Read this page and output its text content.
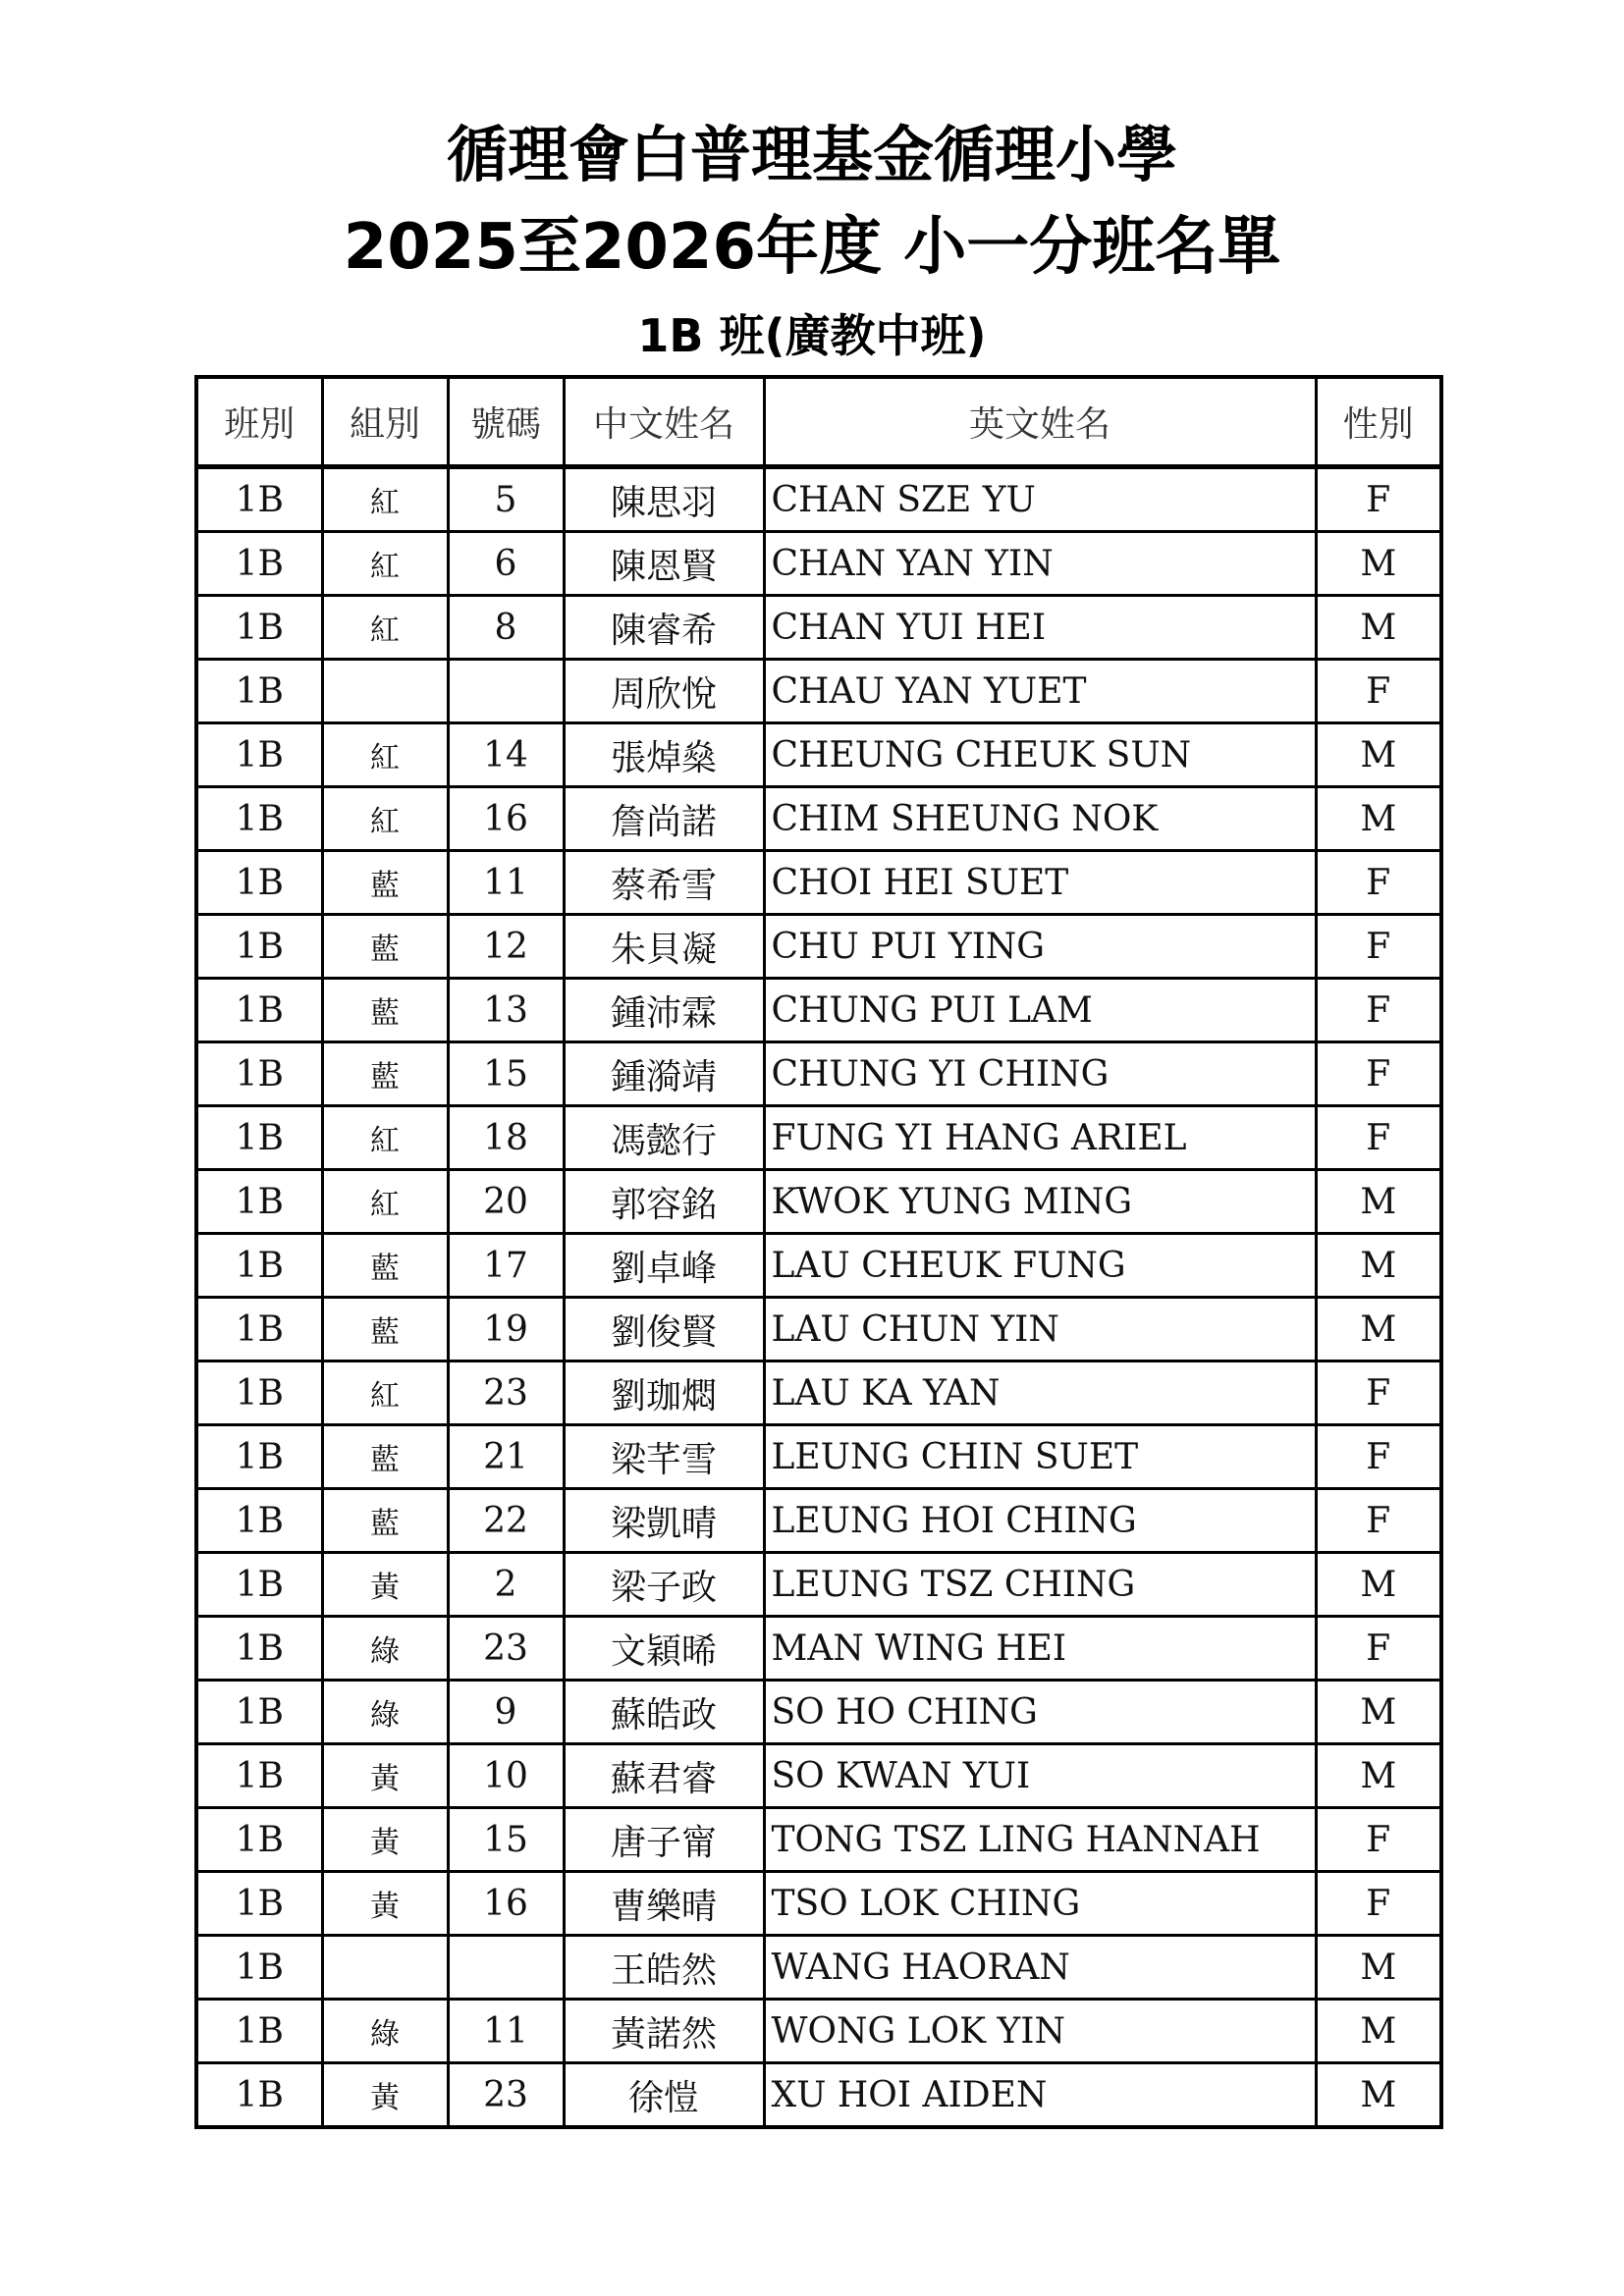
循理會白普理基金循理小學
2025至2026年度 小一分班名單
1B 班(廣教中班)
班別	組別	號碼	中文姓名	英文姓名	性別
1B	紅	5	陳思羽	CHAN SZE YU	F
1B	紅	6	陳恩賢	CHAN YAN YIN	M
1B	紅	8	陳睿希	CHAN YUI HEI	M
1B			周欣悅	CHAU YAN YUET	F
1B	紅	14	張焯燊	CHEUNG CHEUK SUN	M
1B	紅	16	詹尚諾	CHIM SHEUNG NOK	M
1B	藍	11	蔡希雪	CHOI HEI SUET	F
1B	藍	12	朱貝凝	CHU PUI YING	F
1B	藍	13	鍾沛霖	CHUNG PUI LAM	F
1B	藍	15	鍾漪靖	CHUNG YI CHING	F
1B	紅	18	馮懿行	FUNG YI HANG ARIEL	F
1B	紅	20	郭容銘	KWOK YUNG MING	M
1B	藍	17	劉卓峰	LAU CHEUK FUNG	M
1B	藍	19	劉俊賢	LAU CHUN YIN	M
1B	紅	23	劉珈燜	LAU KA YAN	F
1B	藍	21	梁芊雪	LEUNG CHIN SUET	F
1B	藍	22	梁凱晴	LEUNG HOI CHING	F
1B	黃	2	梁子政	LEUNG TSZ CHING	M
1B	綠	23	文穎晞	MAN WING HEI	F
1B	綠	9	蘇皓政	SO HO CHING	M
1B	黃	10	蘇君睿	SO KWAN YUI	M
1B	黃	15	唐子甯	TONG TSZ LING HANNAH	F
1B	黃	16	曹樂晴	TSO LOK CHING	F
1B			王皓然	WANG HAORAN	M
1B	綠	11	黃諾然	WONG LOK YIN	M
1B	黃	23	徐愷	XU HOI AIDEN	M
